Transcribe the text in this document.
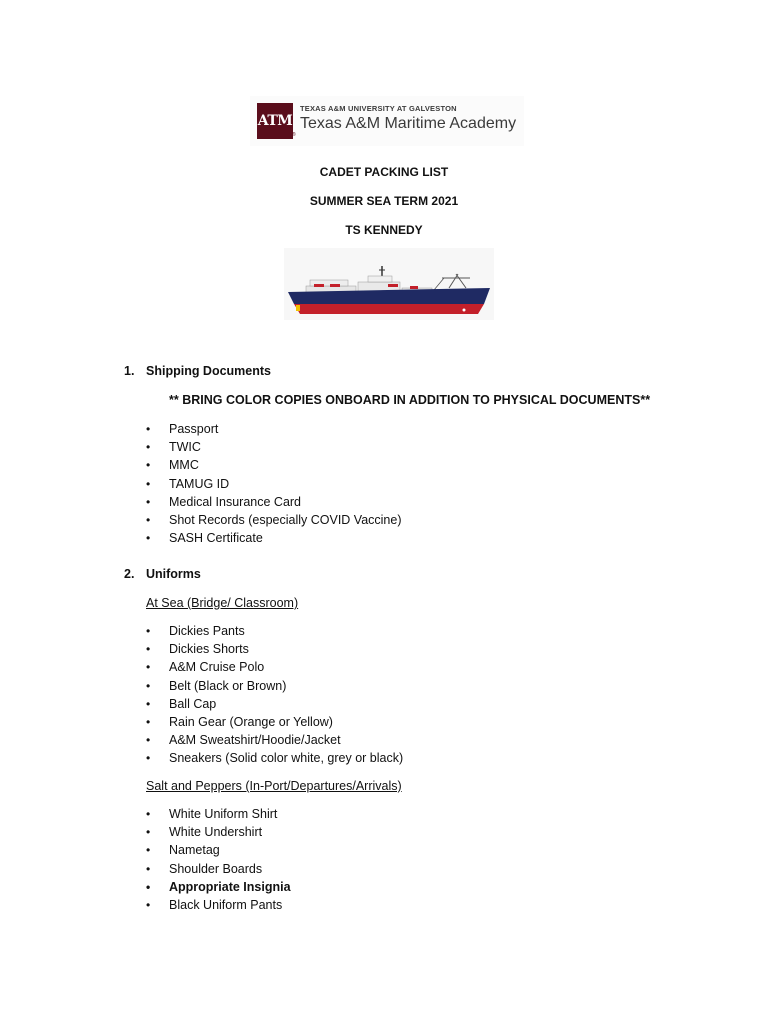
ATM
®
TEXAS A&M UNIVERSITY AT GALVESTON
Texas A&M Maritime Academy
CADET PACKING LIST
SUMMER SEA TERM 2021
TS KENNEDY
1. Shipping Documents
** BRING COLOR COPIES ONBOARD IN ADDITION TO PHYSICAL DOCUMENTS**
•	Passport
•	TWIC
•	MMC
•	TAMUG ID
•	Medical Insurance Card
•	Shot Records (especially COVID Vaccine)
•	SASH Certificate
2. Uniforms
At Sea (Bridge/ Classroom)
•	Dickies Pants
•	Dickies Shorts
•	A&M Cruise Polo
•	Belt (Black or Brown)
•	Ball Cap
•	Rain Gear (Orange or Yellow)
•	A&M Sweatshirt/Hoodie/Jacket
•	Sneakers (Solid color white, grey or black)
Salt and Peppers (In-Port/Departures/Arrivals)
•	White Uniform Shirt
•	White Undershirt
•	Nametag
•	Shoulder Boards
•	Appropriate Insignia
•	Black Uniform Pants
